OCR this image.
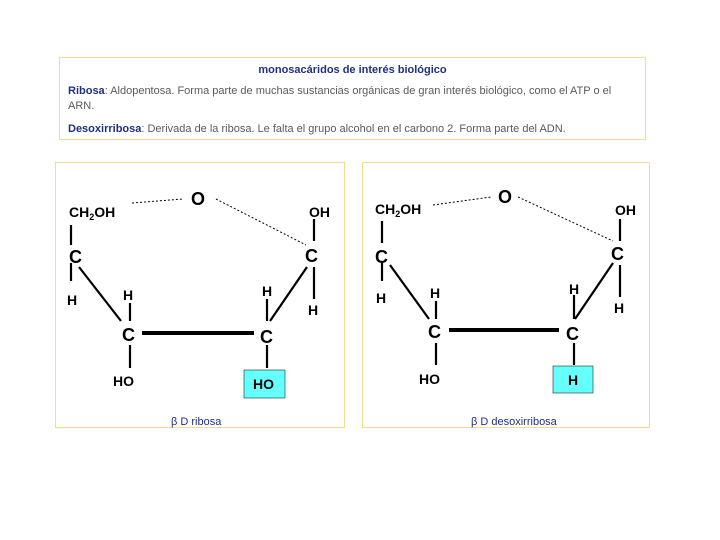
monosacáridos de interés biológico
Ribosa: Aldopentosa. Forma parte de muchas sustancias orgánicas de gran interés biológico, como el ATP o el ARN.
Desoxirribosa: Derivada de la ribosa. Le falta el grupo alcohol en el carbono 2. Forma parte del ADN.
$CH_2OH$
O
OH
C	C
H	H	H
H
C	C
HO	HO
β D ribosa
$CH_2OH$
O
OH
C	C
H	H	H
H
C	C
HO	H
β D desoxirribosa
